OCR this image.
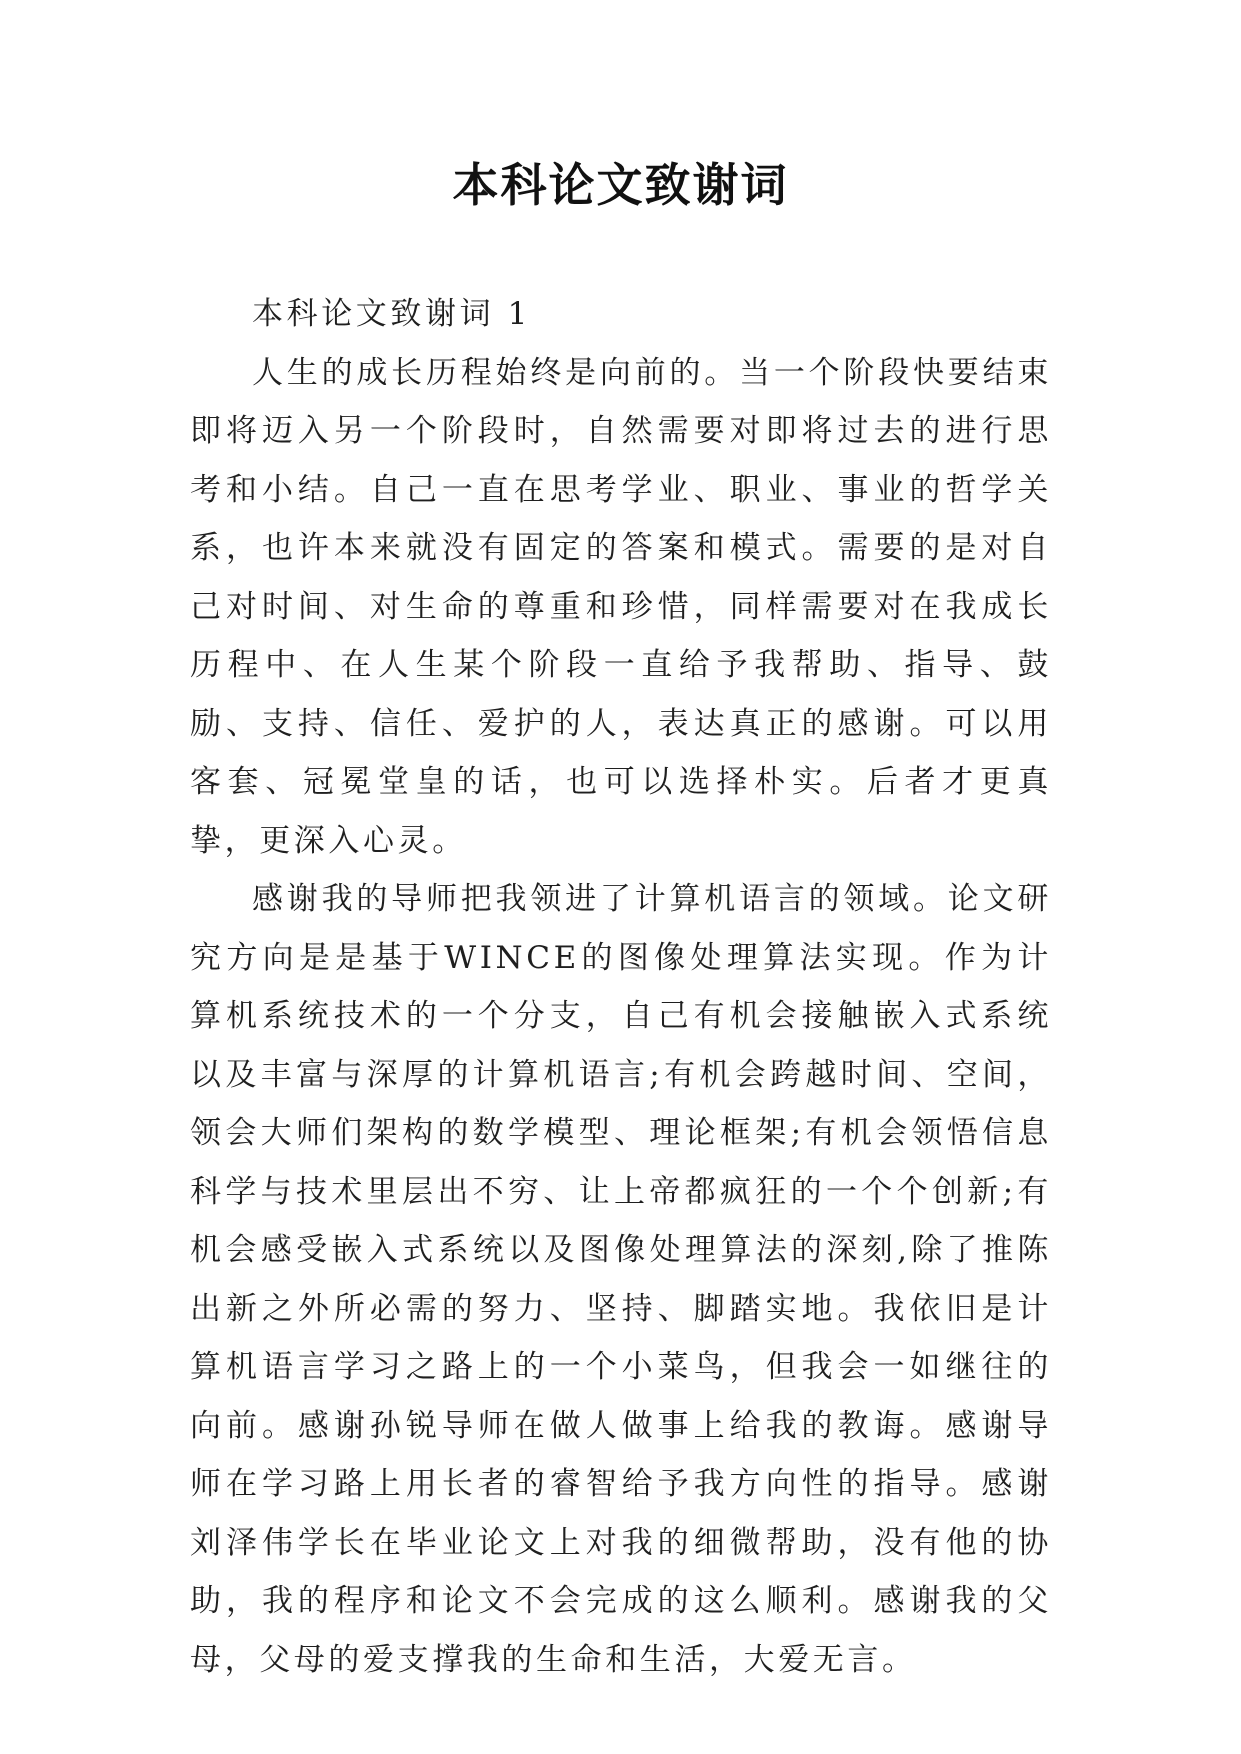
本科论文致谢词

本科论文致谢词 1

人生的成长历程始终是向前的。当一个阶段快要结束即将迈入另一个阶段时，自然需要对即将过去的进行思考和小结。自己一直在思考学业、职业、事业的哲学关系，也许本来就没有固定的答案和模式。需要的是对自己对时间、对生命的尊重和珍惜，同样需要对在我成长历程中、在人生某个阶段一直给予我帮助、指导、鼓励、支持、信任、爱护的人，表达真正的感谢。可以用客套、冠冕堂皇的话，也可以选择朴实。后者才更真挚，更深入心灵。

感谢我的导师把我领进了计算机语言的领域。论文研究方向是是基于WINCE的图像处理算法实现。作为计算机系统技术的一个分支，自己有机会接触嵌入式系统以及丰富与深厚的计算机语言;有机会跨越时间、空间，领会大师们架构的数学模型、理论框架;有机会领悟信息科学与技术里层出不穷、让上帝都疯狂的一个个创新;有机会感受嵌入式系统以及图像处理算法的深刻,除了推陈出新之外所必需的努力、坚持、脚踏实地。我依旧是计算机语言学习之路上的一个小菜鸟，但我会一如继往的向前。感谢孙锐导师在做人做事上给我的教诲。感谢导师在学习路上用长者的睿智给予我方向性的指导。感谢刘泽伟学长在毕业论文上对我的细微帮助，没有他的协助，我的程序和论文不会完成的这么顺利。感谢我的父母，父母的爱支撑我的生命和生活，大爱无言。
